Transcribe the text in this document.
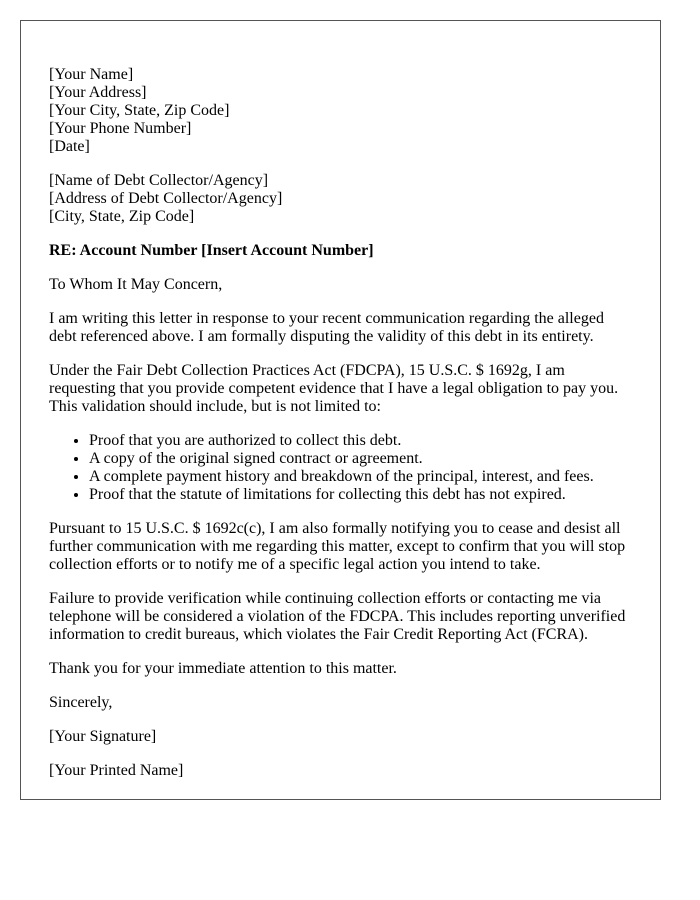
[Your Name]
[Your Address]
[Your City, State, Zip Code]
[Your Phone Number]
[Date]

[Name of Debt Collector/Agency]
[Address of Debt Collector/Agency]
[City, State, Zip Code]

RE: Account Number [Insert Account Number]

To Whom It May Concern,

I am writing this letter in response to your recent communication regarding the alleged debt referenced above. I am formally disputing the validity of this debt in its entirety.

Under the Fair Debt Collection Practices Act (FDCPA), 15 U.S.C. $ 1692g, I am requesting that you provide competent evidence that I have a legal obligation to pay you. This validation should include, but is not limited to:

• Proof that you are authorized to collect this debt.
• A copy of the original signed contract or agreement.
• A complete payment history and breakdown of the principal, interest, and fees.
• Proof that the statute of limitations for collecting this debt has not expired.

Pursuant to 15 U.S.C. $ 1692c(c), I am also formally notifying you to cease and desist all further communication with me regarding this matter, except to confirm that you will stop collection efforts or to notify me of a specific legal action you intend to take.

Failure to provide verification while continuing collection efforts or contacting me via telephone will be considered a violation of the FDCPA. This includes reporting unverified information to credit bureaus, which violates the Fair Credit Reporting Act (FCRA).

Thank you for your immediate attention to this matter.

Sincerely,

[Your Signature]

[Your Printed Name]
